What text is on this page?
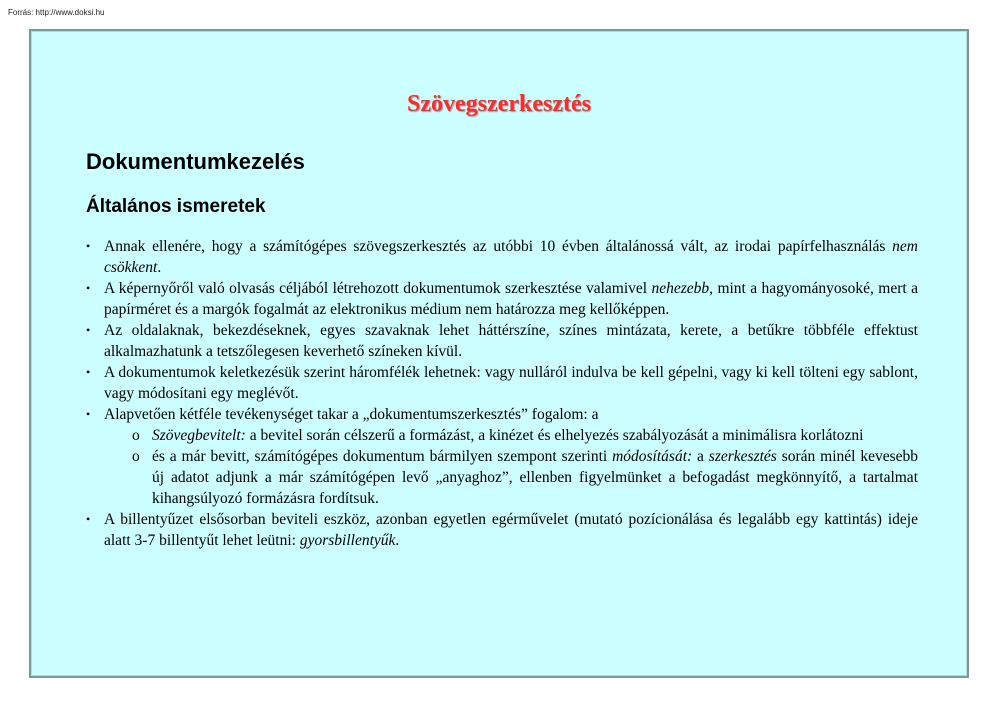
Forrás: http://www.doksi.hu
Szövegszerkesztés
Dokumentumkezelés
Általános ismeretek
• Annak ellenére, hogy a számítógépes szövegszerkesztés az utóbbi 10 évben általánossá vált, az irodai papírfelhasználás nem csökkent.
• A képernyőről való olvasás céljából létrehozott dokumentumok szerkesztése valamivel nehezebb, mint a hagyományosoké, mert a papírméret és a margók fogalmát az elektronikus médium nem határozza meg kellőképpen.
• Az oldalaknak, bekezdéseknek, egyes szavaknak lehet háttérszíne, színes mintázata, kerete, a betűkre többféle effektust alkalmazhatunk a tetszőlegesen keverhető színeken kívül.
• A dokumentumok keletkezésük szerint háromfélék lehetnek: vagy nulláról indulva be kell gépelni, vagy ki kell tölteni egy sablont, vagy módosítani egy meglévőt.
• Alapvetően kétféle tevékenységet takar a „dokumentumszerkesztés” fogalom: a
o Szövegbevitelt: a bevitel során célszerű a formázást, a kinézet és elhelyezés szabályozását a minimálisra korlátozni
o és a már bevitt, számítógépes dokumentum bármilyen szempont szerinti módosítását: a szerkesztés során minél kevesebb új adatot adjunk a már számítógépen levő „anyaghoz”, ellenben figyelmünket a befogadást megkönnyítő, a tartalmat kihangsúlyozó formázásra fordítsuk.
• A billentyűzet elsősorban beviteli eszköz, azonban egyetlen egérművelet (mutató pozícionálása és legalább egy kattintás) ideje alatt 3-7 billentyűt lehet leütni: gyorsbillentyűk.
